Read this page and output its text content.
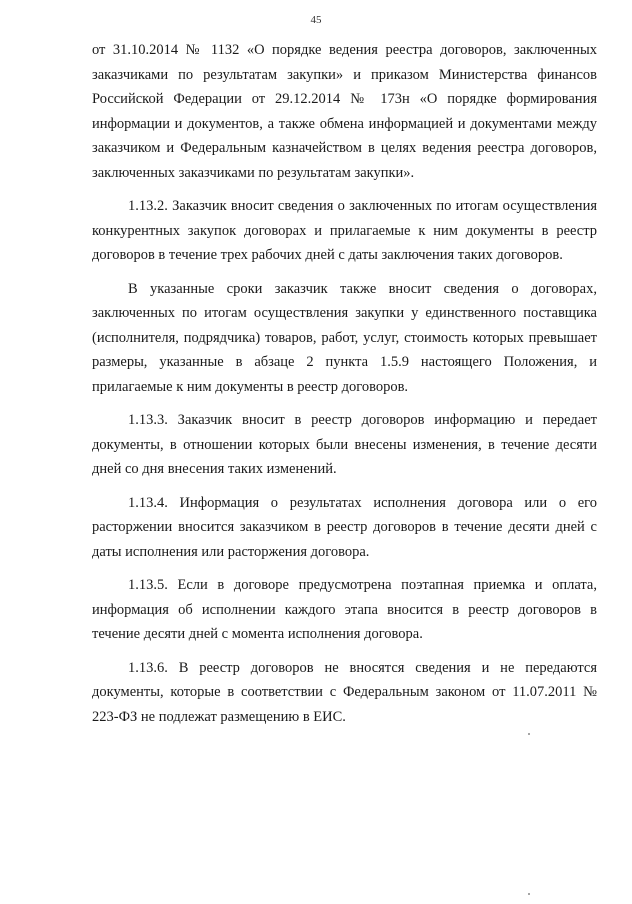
45

от 31.10.2014 № 1132 «О порядке ведения реестра договоров, заключенных заказчиками по результатам закупки» и приказом Министерства финансов Российской Федерации от 29.12.2014 № 173н «О порядке формирования информации и документов, а также обмена информацией и документами между заказчиком и Федеральным казначейством в целях ведения реестра договоров, заключенных заказчиками по результатам закупки».

1.13.2. Заказчик вносит сведения о заключенных по итогам осуществления конкурентных закупок договорах и прилагаемые к ним документы в реестр договоров в течение трех рабочих дней с даты заключения таких договоров.

В указанные сроки заказчик также вносит сведения о договорах, заключенных по итогам осуществления закупки у единственного поставщика (исполнителя, подрядчика) товаров, работ, услуг, стоимость которых превышает размеры, указанные в абзаце 2 пункта 1.5.9 настоящего Положения, и прилагаемые к ним документы в реестр договоров.

1.13.3. Заказчик вносит в реестр договоров информацию и передает документы, в отношении которых были внесены изменения, в течение десяти дней со дня внесения таких изменений.

1.13.4. Информация о результатах исполнения договора или о его расторжении вносится заказчиком в реестр договоров в течение десяти дней с даты исполнения или расторжения договора.

1.13.5. Если в договоре предусмотрена поэтапная приемка и оплата, информация об исполнении каждого этапа вносится в реестр договоров в течение десяти дней с момента исполнения договора.

1.13.6. В реестр договоров не вносятся сведения и не передаются документы, которые в соответствии с Федеральным законом от 11.07.2011 № 223-ФЗ не подлежат размещению в ЕИС.
